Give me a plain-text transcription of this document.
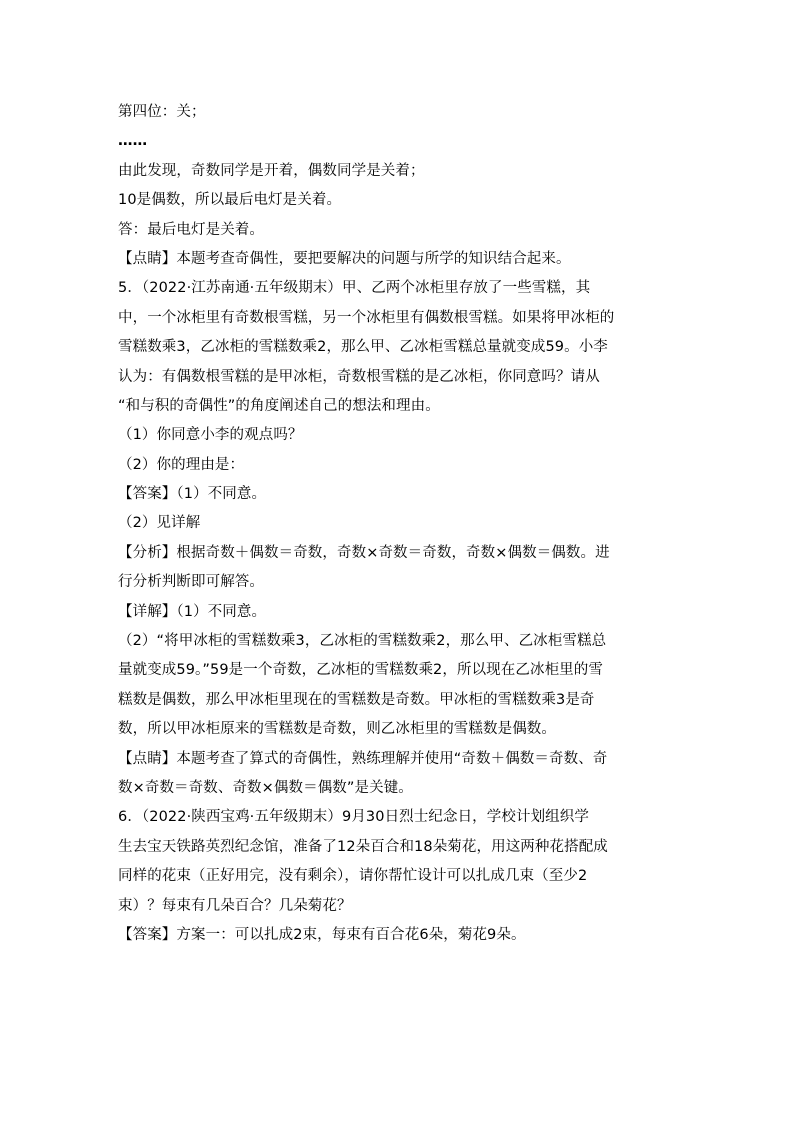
第四位：关；
……
由此发现，奇数同学是开着，偶数同学是关着；
10是偶数，所以最后电灯是关着。
答：最后电灯是关着。
【点睛】本题考查奇偶性，要把要解决的问题与所学的知识结合起来。
5．（2022·江苏南通·五年级期末）甲、乙两个冰柜里存放了一些雪糕，其
中，一个冰柜里有奇数根雪糕，另一个冰柜里有偶数根雪糕。如果将甲冰柜的
雪糕数乘3，乙冰柜的雪糕数乘2，那么甲、乙冰柜雪糕总量就变成59。小李
认为：有偶数根雪糕的是甲冰柜，奇数根雪糕的是乙冰柜，你同意吗？请从
“和与积的奇偶性”的角度阐述自己的想法和理由。
（1）你同意小李的观点吗？
（2）你的理由是：
【答案】（1）不同意。
（2）见详解
【分析】根据奇数＋偶数＝奇数，奇数×奇数＝奇数，奇数×偶数＝偶数。进
行分析判断即可解答。
【详解】（1）不同意。
（2）“将甲冰柜的雪糕数乘3，乙冰柜的雪糕数乘2，那么甲、乙冰柜雪糕总
量就变成59。”59是一个奇数，乙冰柜的雪糕数乘2，所以现在乙冰柜里的雪
糕数是偶数，那么甲冰柜里现在的雪糕数是奇数。甲冰柜的雪糕数乘3是奇
数，所以甲冰柜原来的雪糕数是奇数，则乙冰柜里的雪糕数是偶数。
【点睛】本题考查了算式的奇偶性，熟练理解并使用“奇数＋偶数＝奇数、奇
数×奇数＝奇数、奇数×偶数＝偶数”是关键。
6．（2022·陕西宝鸡·五年级期末）9月30日烈士纪念日，学校计划组织学
生去宝天铁路英烈纪念馆，准备了12朵百合和18朵菊花，用这两种花搭配成
同样的花束（正好用完，没有剩余），请你帮忙设计可以扎成几束（至少2
束）？每束有几朵百合？几朵菊花？
【答案】方案一：可以扎成2束，每束有百合花6朵，菊花9朵。
